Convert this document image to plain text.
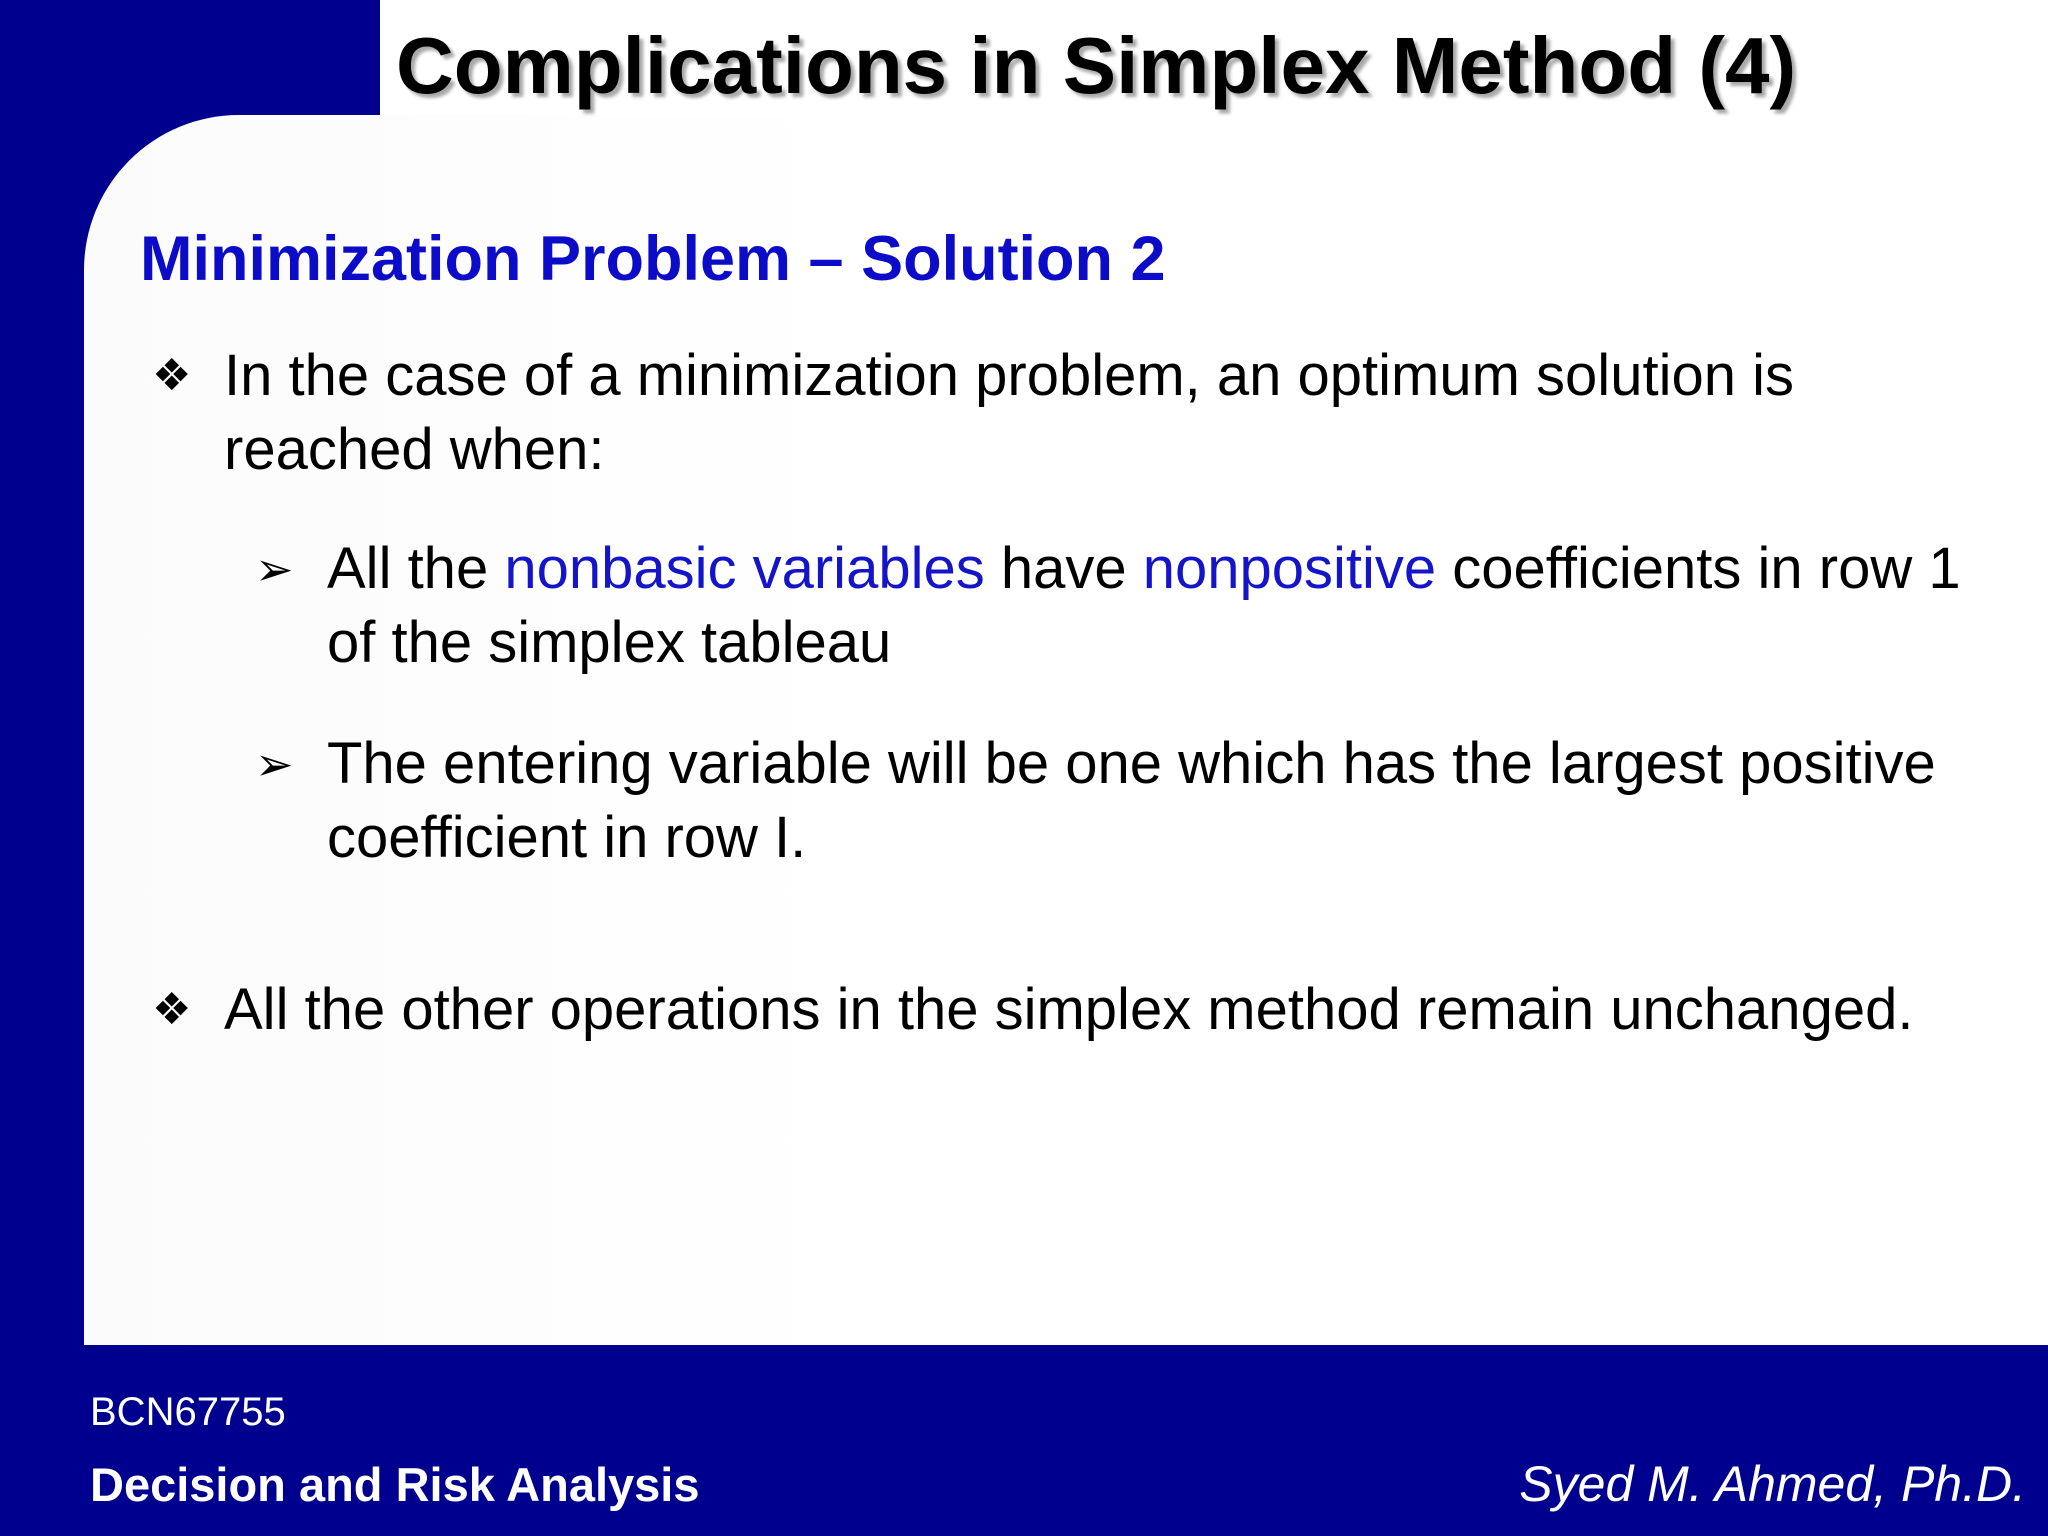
Complications in Simplex Method (4)
Minimization Problem – Solution 2
❖ In the case of a minimization problem, an optimum solution is reached when:
➢ All the nonbasic variables have nonpositive coefficients in row 1 of the simplex tableau
➢ The entering variable will be one which has the largest positive coefficient in row I.
❖ All the other operations in the simplex method remain unchanged.
BCN67755
Decision and Risk Analysis	Syed M. Ahmed, Ph.D.
